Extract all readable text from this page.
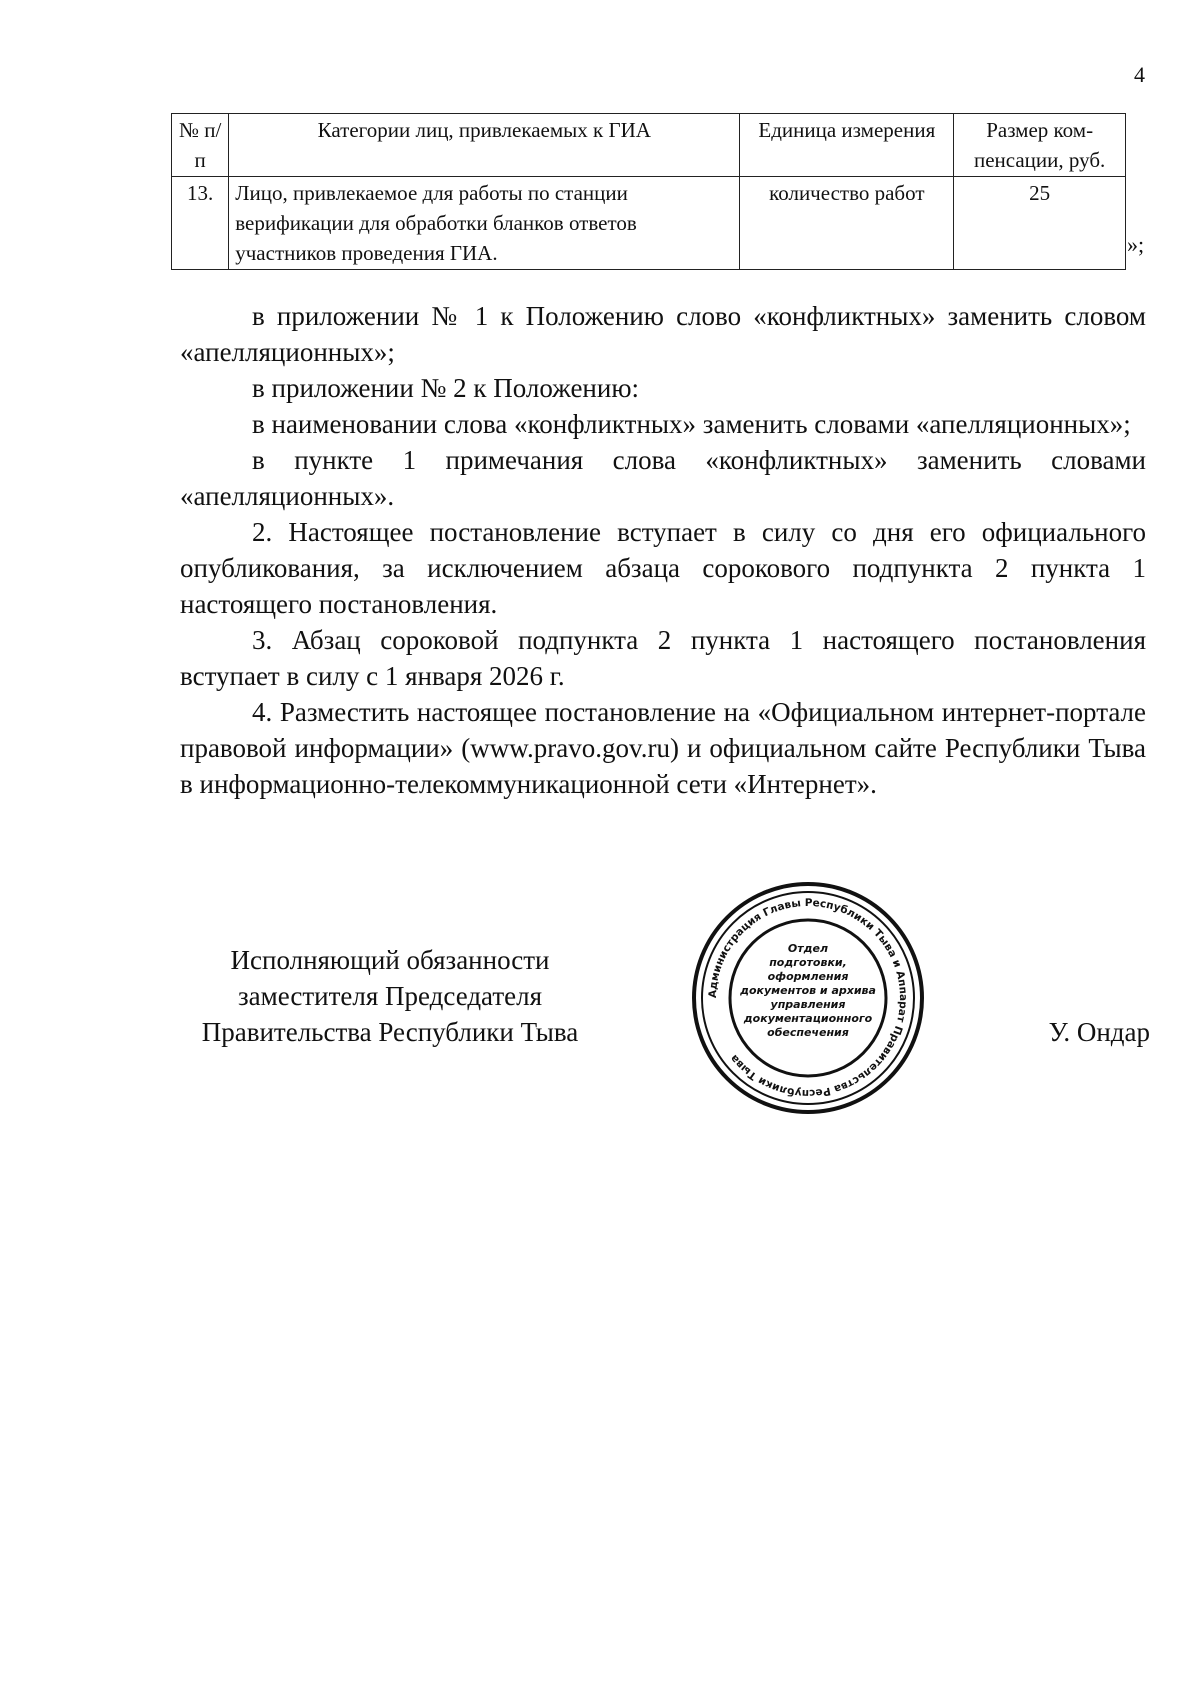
4
№ п/п	Категории лиц, привлекаемых к ГИА	Единица измерения	Размер ком-пенсации, руб.
13.	Лицо, привлекаемое для работы по станции верификации для обработки бланков ответов участников проведения ГИА.	количество работ	25
»;

в приложении № 1 к Положению слово «конфликтных» заменить словом «апелляционных»;

в приложении № 2 к Положению:

в наименовании слова «конфликтных» заменить словами «апелляционных»;

в пункте 1 примечания слова «конфликтных» заменить словами «апелляционных».

2. Настоящее постановление вступает в силу со дня его официального опубликования, за исключением абзаца сорокового подпункта 2 пункта 1 настоящего постановления.

3. Абзац сороковой подпункта 2 пункта 1 настоящего постановления вступает в силу с 1 января 2026 г.

4. Разместить настоящее постановление на «Официальном интернет-портале правовой информации» (www.pravo.gov.ru) и официальном сайте Республики Тыва в информационно-телекоммуникационной сети «Интернет».

Исполняющий обязанности
заместителя Председателя
Правительства Республики Тыва
Администрация Главы Республики Тыва и Аппарат Правительства Республики Тыва
Отдел
подготовки,
оформления
документов и архива
управления
документационного
обеспечения	У. Ондар
